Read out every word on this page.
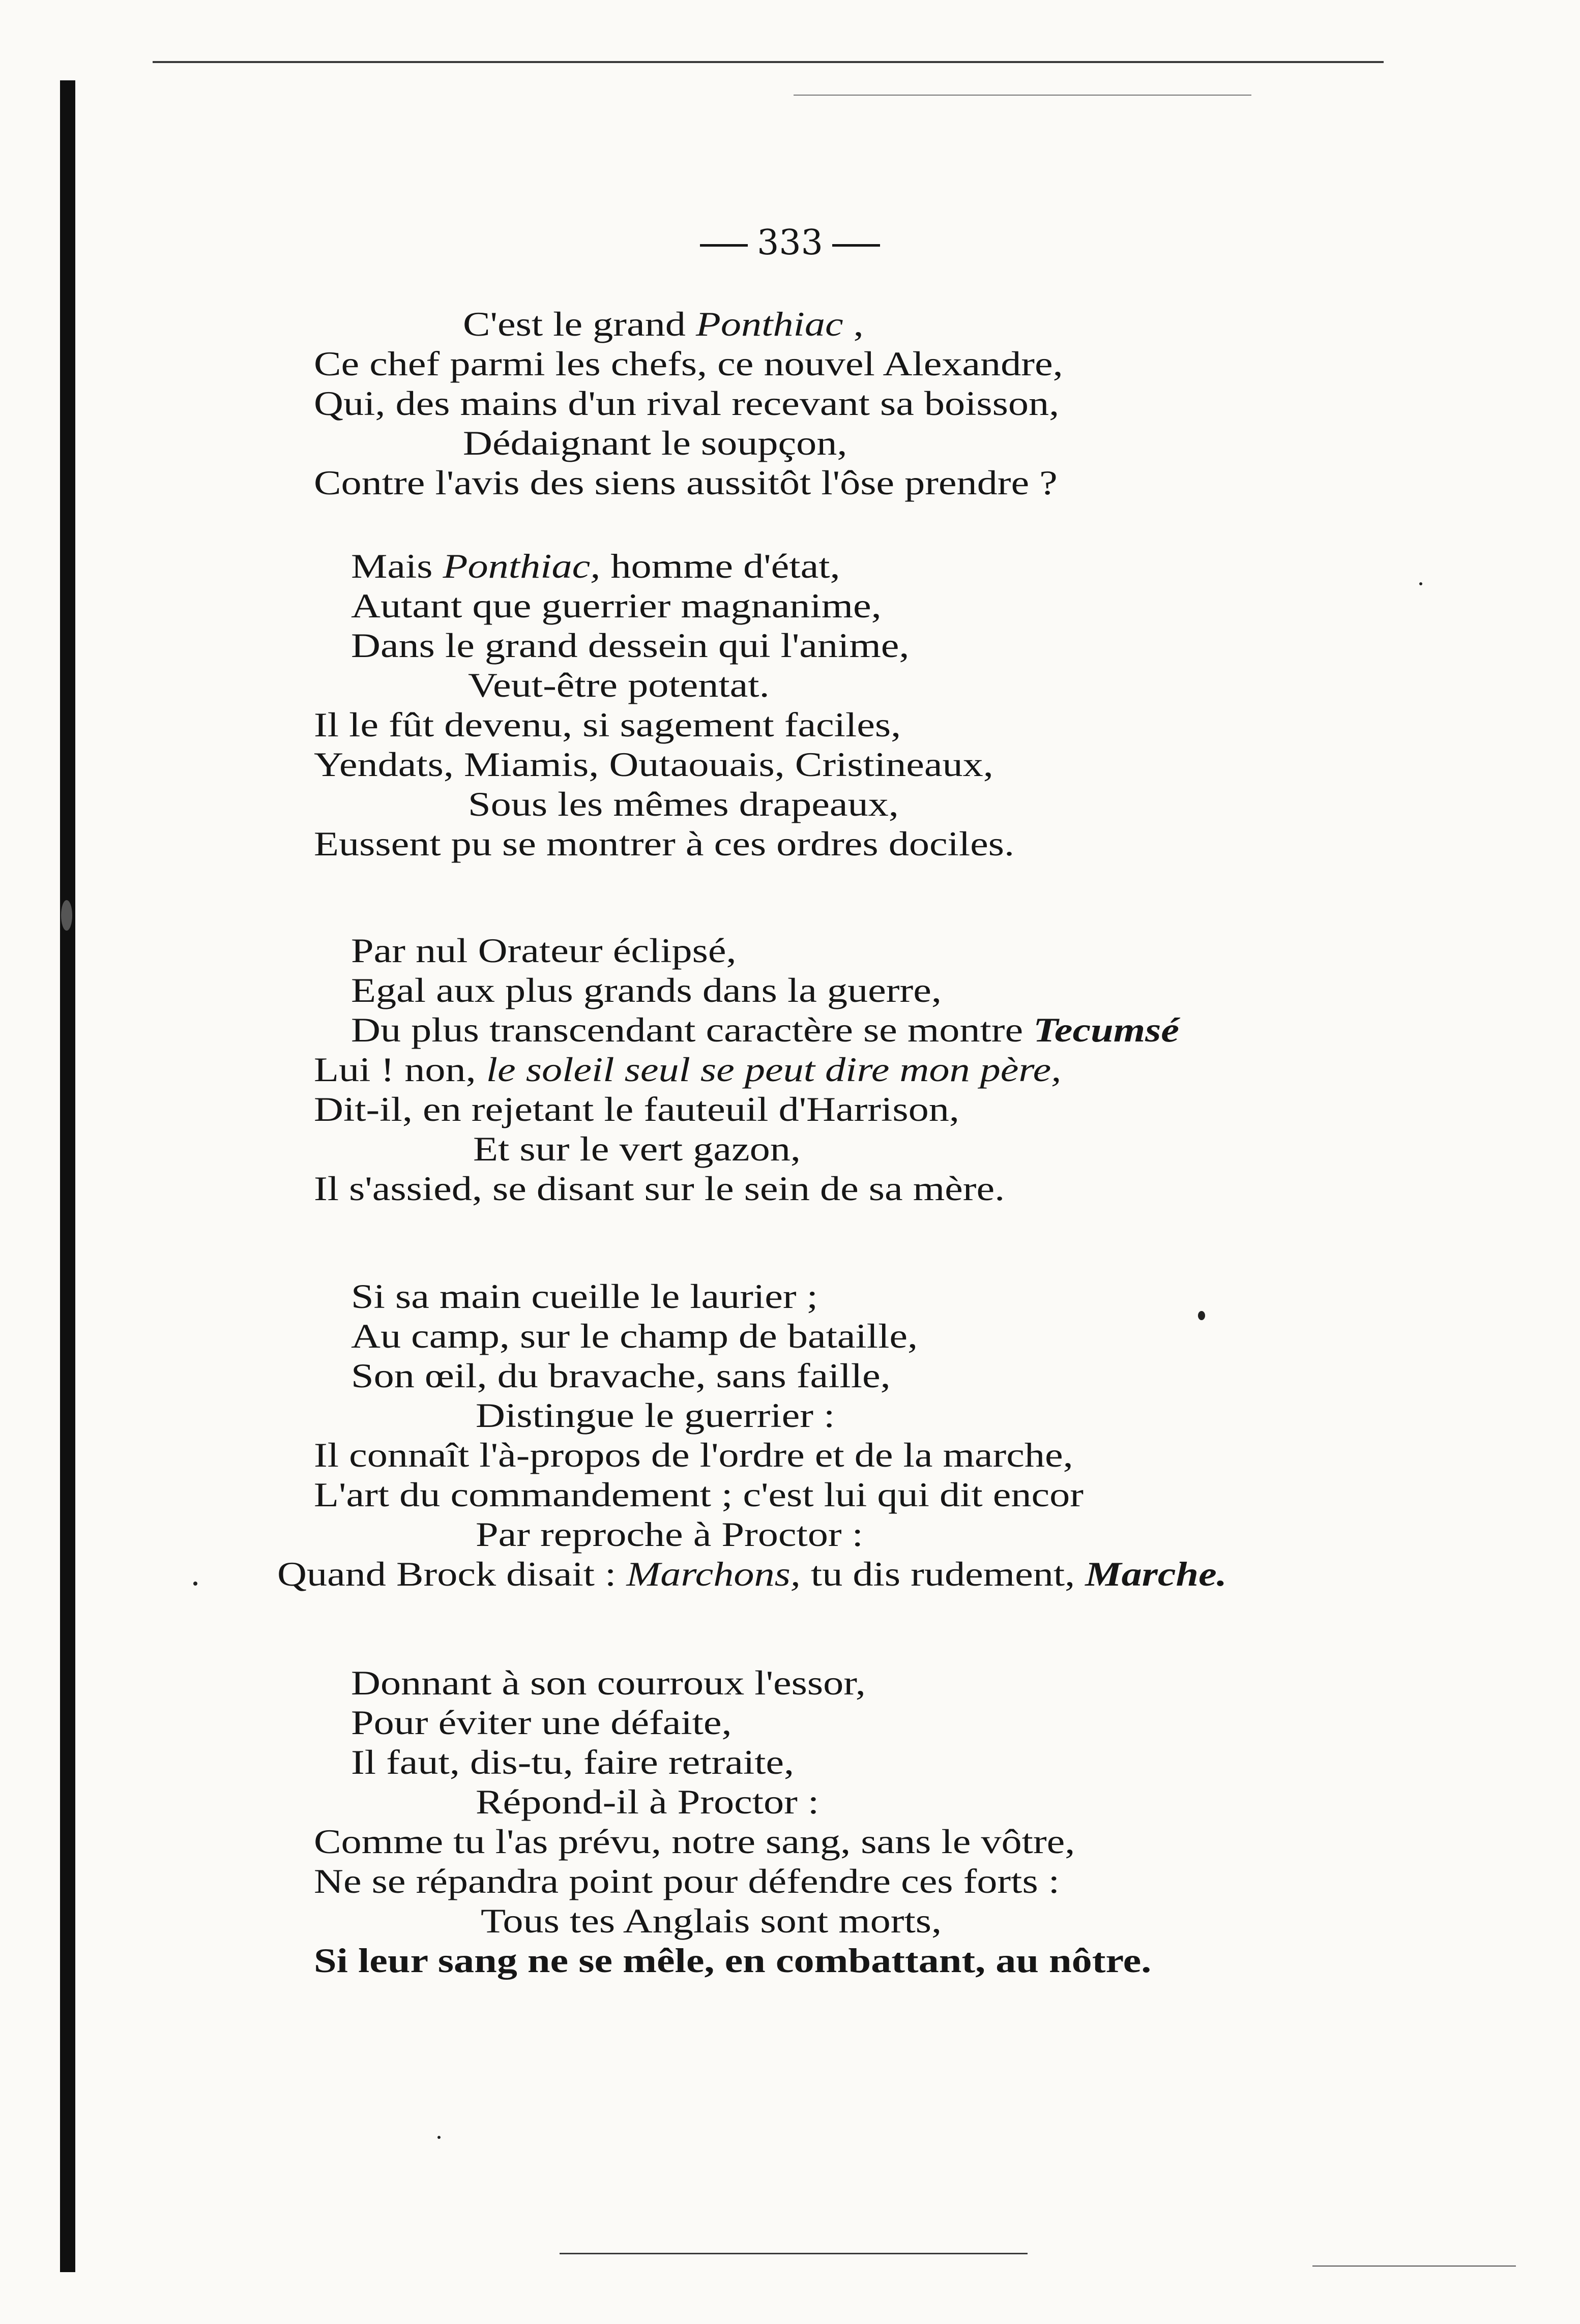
333
C'est le grand Ponthiac ,
Ce chef parmi les chefs, ce nouvel Alexandre,
Qui, des mains d'un rival recevant sa boisson,
Dédaignant le soupçon,
Contre l'avis des siens aussitôt l'ôse prendre ?
Mais Ponthiac, homme d'état,
Autant que guerrier magnanime,
Dans le grand dessein qui l'anime,
Veut-être potentat.
Il le fût devenu, si sagement faciles,
Yendats, Miamis, Outaouais, Cristineaux,
Sous les mêmes drapeaux,
Eussent pu se montrer à ces ordres dociles.
Par nul Orateur éclipsé,
Egal aux plus grands dans la guerre,
Du plus transcendant caractère se montre Tecumsé
Lui ! non, le soleil seul se peut dire mon père,
Dit-il, en rejetant le fauteuil d'Harrison,
Et sur le vert gazon,
Il s'assied, se disant sur le sein de sa mère.
Si sa main cueille le laurier ;
Au camp, sur le champ de bataille,
Son œil, du bravache, sans faille,
Distingue le guerrier :
Il connaît l'à-propos de l'ordre et de la marche,
L'art du commandement ; c'est lui qui dit encor
Par reproche à Proctor :
Quand Brock disait : Marchons, tu dis rudement, Marche.
Donnant à son courroux l'essor,
Pour éviter une défaite,
Il faut, dis-tu, faire retraite,
Répond-il à Proctor :
Comme tu l'as prévu, notre sang, sans le vôtre,
Ne se répandra point pour défendre ces forts :
Tous tes Anglais sont morts,
Si leur sang ne se mêle, en combattant, au nôtre.
